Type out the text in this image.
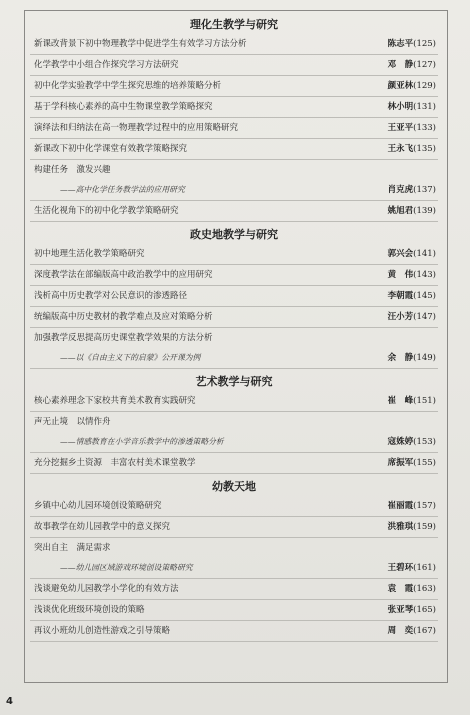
理化生教学与研究
新课改背景下初中物理教学中促进学生有效学习方法分析	陈志平(125)
化学教学中小组合作探究学习方法研究	邓　静(127)
初中化学实验教学中学生探究思维的培养策略分析	颜亚林(129)
基于学科核心素养的高中生物课堂教学策略探究	林小明(131)
演绎法和归纳法在高一物理教学过程中的应用策略研究	王亚平(133)
新课改下初中化学课堂有效教学策略探究	王永飞(135)
构建任务　激发兴趣
——高中化学任务教学法的应用研究	肖克虎(137)
生活化视角下的初中化学教学策略研究	姚旭君(139)
政史地教学与研究
初中地理生活化教学策略研究	郭兴会(141)
深度教学法在部编版高中政治教学中的应用研究	黄　伟(143)
浅析高中历史教学对公民意识的渗透路径	李朝霞(145)
统编版高中历史教材的教学难点及应对策略分析	汪小芳(147)
加强教学反思提高历史课堂教学效果的方法分析
——以《自由主义下的启蒙》公开课为例	余　静(149)
艺术教学与研究
核心素养理念下家校共育美术教育实践研究	崔　峰(151)
声无止境　以情作舟
——情感教育在小学音乐教学中的渗透策略分析	寇姝婷(153)
充分挖掘乡土资源　丰富农村美术课堂教学	席振军(155)
幼教天地
乡镇中心幼儿园环境创设策略研究	崔丽霞(157)
故事教学在幼儿园教学中的意义探究	洪雅琪(159)
突出自主　满足需求
——幼儿园区域游戏环境创设策略研究	王碧环(161)
浅谈避免幼儿园教学小学化的有效方法	袁　霞(163)
浅谈优化班级环境创设的策略	张亚琴(165)
再议小班幼儿创造性游戏之引导策略	周　奕(167)
4
